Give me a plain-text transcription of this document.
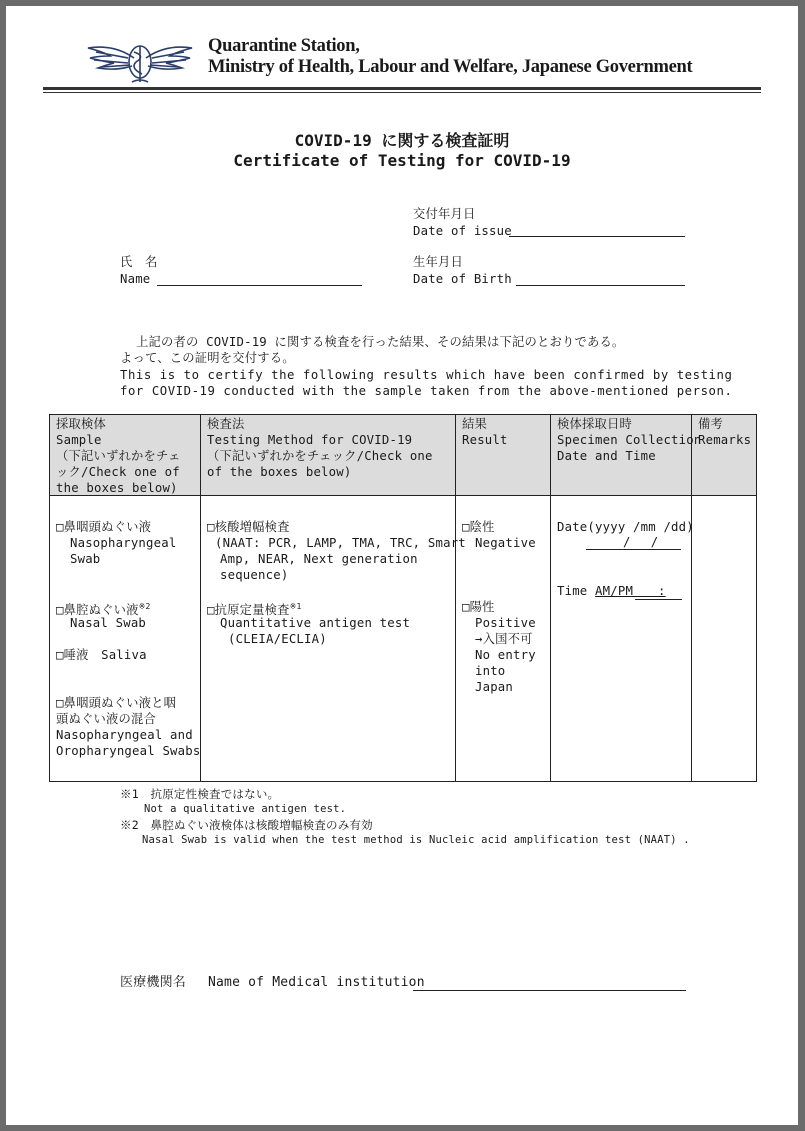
Quarantine Station,
Ministry of Health, Labour and Welfare, Japanese Government
COVID-19 に関する検査証明
Certificate of Testing for COVID-19
交付年月日
Date of issue
氏　名
Name
生年月日
Date of Birth
上記の者の COVID-19 に関する検査を行った結果、その結果は下記のとおりである。
よって、この証明を交付する。
This is to certify the following results which have been confirmed by testing
for COVID-19 conducted with the sample taken from the above-mentioned person.
採取検体
Sample
（下記いずれかをチェ
ック/Check one of
the boxes below)
検査法
Testing Method for COVID-19
（下記いずれかをチェック/Check one
of the boxes below)
結果
Result
検体採取日時
Specimen Collection
Date and Time
備考
Remarks
□鼻咽頭ぬぐい液
Nasopharyngeal
Swab
□鼻腔ぬぐい液$^{※2}$
Nasal Swab
□唾液　Saliva
□鼻咽頭ぬぐい液と咽
頭ぬぐい液の混合
Nasopharyngeal and
Oropharyngeal Swabs
□核酸増幅検査
(NAAT: PCR, LAMP, TMA, TRC, Smart
Amp, NEAR, Next generation
sequence)
□抗原定量検査$^{※1}$
Quantitative antigen test
(CLEIA/ECLIA)
□陰性
Negative
□陽性
Positive
→入国不可
No entry
into
Japan
Date(yyyy /mm /dd)
/　 /
Time AM/PM　　:
※1　抗原定性検査ではない。
Not a qualitative antigen test.
※2　鼻腔ぬぐい液検体は核酸増幅検査のみ有効
Nasal Swab is valid when the test method is Nucleic acid amplification test (NAAT) .
医療機関名 Name of Medical institution
